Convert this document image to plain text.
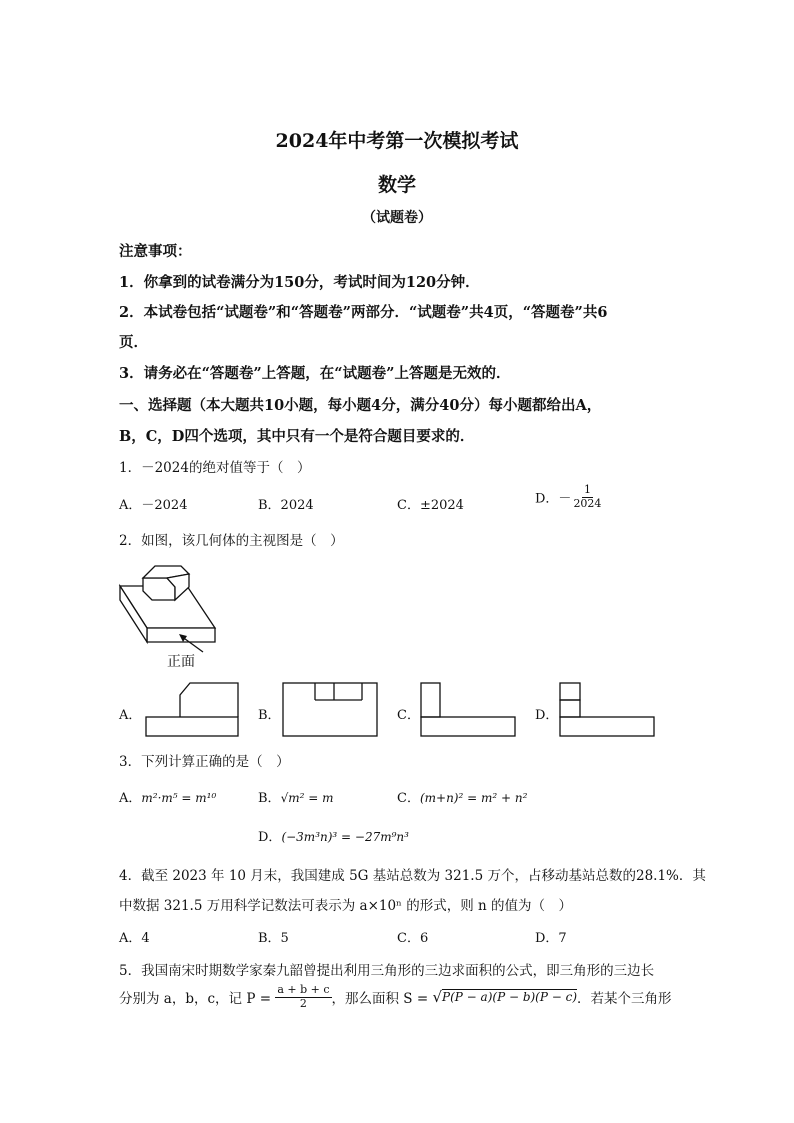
2024年中考第一次模拟考试
数学
（试题卷）
注意事项：
1．你拿到的试卷满分为150分，考试时间为120分钟．
2．本试卷包括“试题卷”和“答题卷”两部分．“试题卷”共4页，“答题卷”共6
页．
3．请务必在“答题卷”上答题，在“试题卷”上答题是无效的．
一、选择题（本大题共10小题，每小题4分，满分40分）每小题都给出A，
B，C，D四个选项，其中只有一个是符合题目要求的．
1．－2024的绝对值等于（　）
A．－2024	B．2024	C．±2024	D．－ $\frac{1}{2024}$
2．如图，该几何体的主视图是（　）
正面
A．	B．	C．	D．
3．下列计算正确的是（　）
A．m²·m⁵ = m¹⁰	B．√m² = m	C．(m+n)² = m² + n²
D．(−3m³n)³ = −27m⁹n³
4．截至 2023 年 10 月末，我国建成 5G 基站总数为 321.5 万个，占移动基站总数的28.1%．其
中数据 321.5 万用科学记数法可表示为 a×10ⁿ 的形式，则 n 的值为（　）
A．4	B．5	C．6	D．7
5．我国南宋时期数学家秦九韶曾提出利用三角形的三边求面积的公式，即三角形的三边长
分别为 a，b，c，记 $P = \frac{a + b + c}{2}$ ，那么面积 S = √P(P − a)(P − b)(P − c)．若某个三角形
